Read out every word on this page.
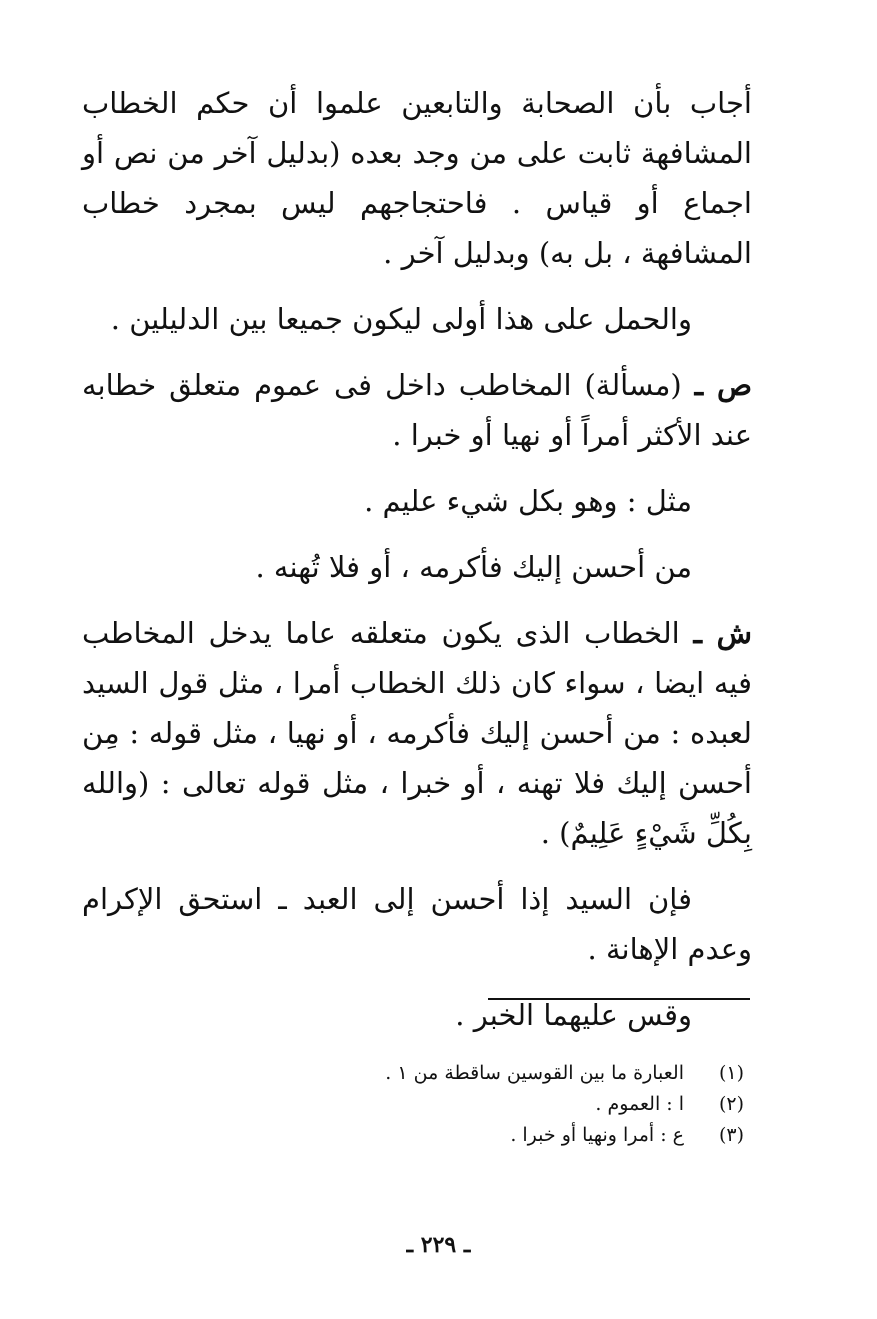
أجاب بأن الصحابة والتابعين علموا أن حكم الخطاب المشافهة ثابت على من وجد بعده (بدليل آخر من نص أو اجماع أو قياس . فاحتجاجهم ليس بمجرد خطاب المشافهة ، بل به) وبدليل آخر .

والحمل على هذا أولى ليكون جميعا بين الدليلين .

ص ـ (مسألة) المخاطب داخل فى عموم متعلق خطابه عند الأكثر أمراً أو نهيا أو خبرا .

مثل : وهو بكل شيء عليم .

من أحسن إليك فأكرمه ، أو فلا تُهنه .

ش ـ الخطاب الذى يكون متعلقه عاما يدخل المخاطب فيه ايضا ، سواء كان ذلك الخطاب أمرا ، مثل قول السيد لعبده : من أحسن إليك فأكرمه ، أو نهيا ، مثل قوله : مِن أحسن إليك فلا تهنه ، أو خبرا ، مثل قوله تعالى : (والله بِكُلِّ شَيْءٍ عَلِيمٌ) .

فإن السيد إذا أحسن إلى العبد ـ استحق الإكرام وعدم الإهانة .

وقس عليهما الخبر .

(١)
العبارة ما بين القوسين ساقطة من ١ .
(٢)
ا : العموم .
(٣)
ع : أمرا ونهيا أو خبرا .
ـ ٢٢٩ ـ
